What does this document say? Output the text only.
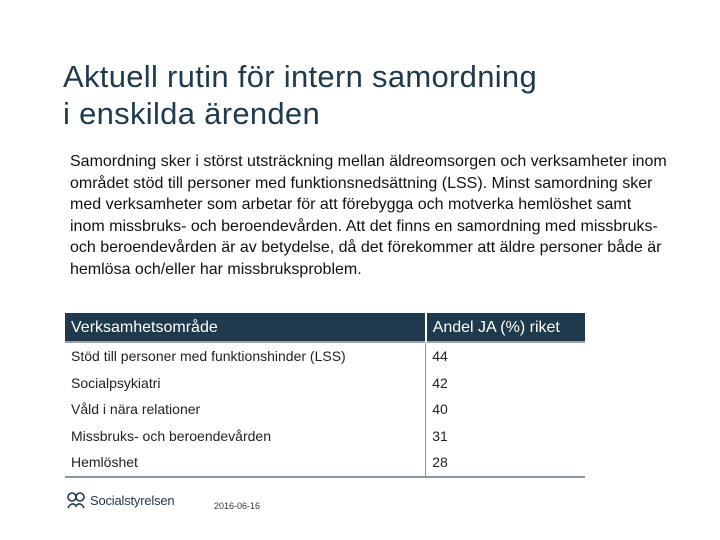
Aktuell rutin för intern samordning
i enskilda ärenden
Samordning sker i störst utsträckning mellan äldreomsorgen och verksamheter inom området stöd till personer med funktionsnedsättning (LSS). Minst samordning sker med verksamheter som arbetar för att förebygga och motverka hemlöshet samt inom missbruks- och beroendevården. Att det finns en samordning med missbruks- och beroendevården är av betydelse, då det förekommer att äldre personer både är hemlösa och/eller har missbruksproblem.
Verksamhetsområde	Andel JA (%) riket
Stöd till personer med funktionshinder (LSS)	44
Socialpsykiatri	42
Våld i nära relationer	40
Missbruks- och beroendevården	31
Hemlöshet	28
Socialstyrelsen	2016-06-16
